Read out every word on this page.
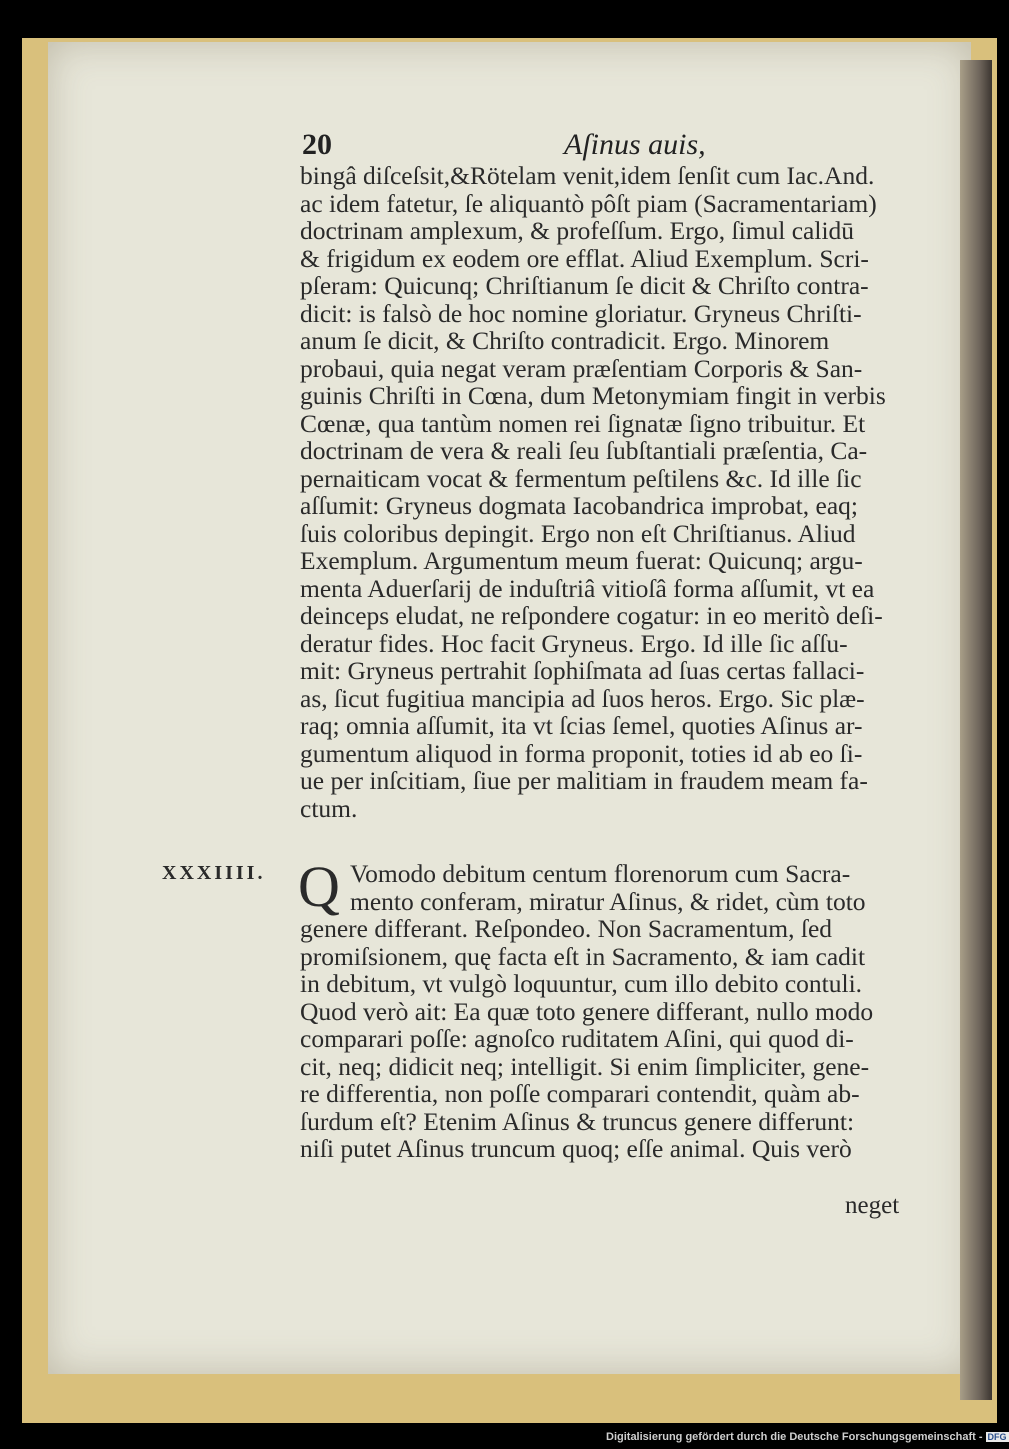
20	Aſinus auis,
bingâ diſceſsit,&Rötelam venit,idem ſenſit cum Iac.And.
ac idem fatetur, ſe aliquantò pôſt piam (Sacramentariam)
doctrinam amplexum, & profeſſum. Ergo, ſimul calidū
& frigidum ex eodem ore efflat. Aliud Exemplum. Scri-
pſeram: Quicunq; Chriſtianum ſe dicit & Chriſto contra-
dicit: is falsò de hoc nomine gloriatur. Gryneus Chriſti-
anum ſe dicit, & Chriſto contradicit. Ergo. Minorem
probaui, quia negat veram præſentiam Corporis & San-
guinis Chriſti in Cœna, dum Metonymiam fingit in verbis
Cœnæ, qua tantùm nomen rei ſignatæ ſigno tribuitur. Et
doctrinam de vera & reali ſeu ſubſtantiali præſentia, Ca-
pernaiticam vocat & fermentum peſtilens &c. Id ille ſic
aſſumit: Gryneus dogmata Iacobandrica improbat, eaq;
ſuis coloribus depingit. Ergo non eſt Chriſtianus. Aliud
Exemplum. Argumentum meum fuerat: Quicunq; argu-
menta Aduerſarij de induſtriâ vitioſâ forma aſſumit, vt ea
deinceps eludat, ne reſpondere cogatur: in eo meritò deſi-
deratur fides. Hoc facit Gryneus. Ergo. Id ille ſic aſſu-
mit: Gryneus pertrahit ſophiſmata ad ſuas certas fallaci-
as, ſicut fugitiua mancipia ad ſuos heros. Ergo. Sic plæ-
raq; omnia aſſumit, ita vt ſcias ſemel, quoties Aſinus ar-
gumentum aliquod in forma proponit, toties id ab eo ſi-
ue per inſcitiam, ſiue per malitiam in fraudem meam fa-
ctum.
XXXIIII. Q Vomodo debitum centum florenorum cum Sacra-
mento conferam, miratur Aſinus, & ridet, cùm toto
genere differant. Reſpondeo. Non Sacramentum, ſed
promiſsionem, quę facta eſt in Sacramento, & iam cadit
in debitum, vt vulgò loquuntur, cum illo debito contuli.
Quod verò ait: Ea quæ toto genere differant, nullo modo
comparari poſſe: agnoſco ruditatem Aſini, qui quod di-
cit, neq; didicit neq; intelligit. Si enim ſimpliciter, gene-
re differentia, non poſſe comparari contendit, quàm ab-
ſurdum eſt? Etenim Aſinus & truncus genere differunt:
niſi putet Aſinus truncum quoq; eſſe animal. Quis verò
neget
Digitalisierung gefördert durch die Deutsche Forschungsgemeinschaft - DFG
